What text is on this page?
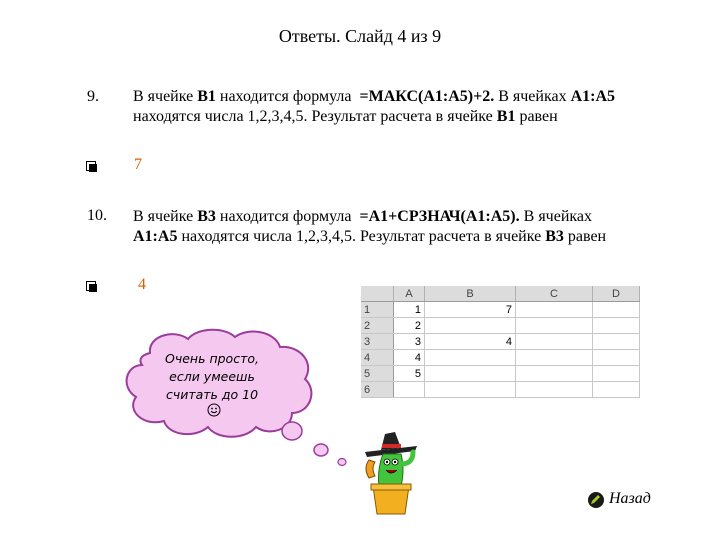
Ответы. Слайд 4 из 9
9. В ячейке В1 находится формула  =МАКС(А1:А5)+2. В ячейках А1:А5 находятся числа 1,2,3,4,5. Результат расчета в ячейке В1 равен
7
10. В ячейке В3 находится формула  =А1+СРЗНАЧ(А1:А5). В ячейках А1:А5 находятся числа 1,2,3,4,5. Результат расчета в ячейке В3 равен
4
	A	B	C	D
1	1	7		
2	2			
3	3	4		
4	4			
5	5			
6				
Очень просто,
если умеешь
считать до 10
Назад
